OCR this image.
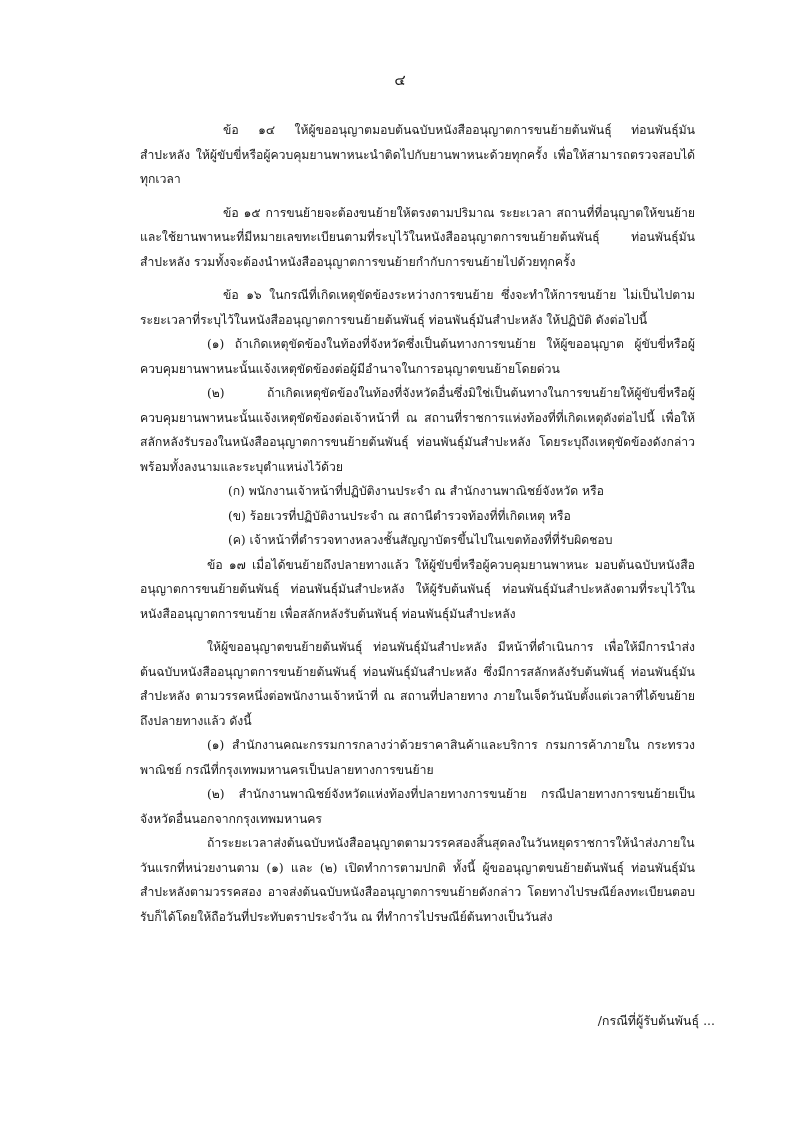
๔

ข้อ ๑๔ ให้ผู้ขออนุญาตมอบต้นฉบับหนังสืออนุญาตการขนย้ายต้นพันธุ์ ท่อนพันธุ์มันสำปะหลัง ให้ผู้ขับขี่หรือผู้ควบคุมยานพาหนะนำติดไปกับยานพาหนะด้วยทุกครั้ง เพื่อให้สามารถตรวจสอบได้ทุกเวลา

ข้อ ๑๕ การขนย้ายจะต้องขนย้ายให้ตรงตามปริมาณ ระยะเวลา สถานที่ที่อนุญาตให้ขนย้าย และใช้ยานพาหนะที่มีหมายเลขทะเบียนตามที่ระบุไว้ในหนังสืออนุญาตการขนย้ายต้นพันธุ์ ท่อนพันธุ์มันสำปะหลัง รวมทั้งจะต้องนำหนังสืออนุญาตการขนย้ายกำกับการขนย้ายไปด้วยทุกครั้ง

ข้อ ๑๖ ในกรณีที่เกิดเหตุขัดข้องระหว่างการขนย้าย ซึ่งจะทำให้การขนย้าย ไม่เป็นไปตามระยะเวลาที่ระบุไว้ในหนังสืออนุญาตการขนย้ายต้นพันธุ์ ท่อนพันธุ์มันสำปะหลัง ให้ปฏิบัติ ดังต่อไปนี้

(๑) ถ้าเกิดเหตุขัดข้องในท้องที่จังหวัดซึ่งเป็นต้นทางการขนย้าย ให้ผู้ขออนุญาต ผู้ขับขี่หรือผู้ควบคุมยานพาหนะนั้นแจ้งเหตุขัดข้องต่อผู้มีอำนาจในการอนุญาตขนย้ายโดยด่วน

(๒) ถ้าเกิดเหตุขัดข้องในท้องที่จังหวัดอื่นซึ่งมิใช่เป็นต้นทางในการขนย้ายให้ผู้ขับขี่หรือผู้ควบคุมยานพาหนะนั้นแจ้งเหตุขัดข้องต่อเจ้าหน้าที่ ณ สถานที่ราชการแห่งท้องที่ที่เกิดเหตุดังต่อไปนี้ เพื่อให้สลักหลังรับรองในหนังสืออนุญาตการขนย้ายต้นพันธุ์ ท่อนพันธุ์มันสำปะหลัง โดยระบุถึงเหตุขัดข้องดังกล่าว พร้อมทั้งลงนามและระบุตำแหน่งไว้ด้วย

(ก) พนักงานเจ้าหน้าที่ปฏิบัติงานประจำ ณ สำนักงานพาณิชย์จังหวัด หรือ

(ข) ร้อยเวรที่ปฏิบัติงานประจำ ณ สถานีตำรวจท้องที่ที่เกิดเหตุ หรือ

(ค) เจ้าหน้าที่ตำรวจทางหลวงชั้นสัญญาบัตรขึ้นไปในเขตท้องที่ที่รับผิดชอบ

ข้อ ๑๗ เมื่อได้ขนย้ายถึงปลายทางแล้ว ให้ผู้ขับขี่หรือผู้ควบคุมยานพาหนะ มอบต้นฉบับหนังสืออนุญาตการขนย้ายต้นพันธุ์ ท่อนพันธุ์มันสำปะหลัง ให้ผู้รับต้นพันธุ์ ท่อนพันธุ์มันสำปะหลังตามที่ระบุไว้ในหนังสืออนุญาตการขนย้าย เพื่อสลักหลังรับต้นพันธุ์ ท่อนพันธุ์มันสำปะหลัง

ให้ผู้ขออนุญาตขนย้ายต้นพันธุ์ ท่อนพันธุ์มันสำปะหลัง มีหน้าที่ดำเนินการ เพื่อให้มีการนำส่งต้นฉบับหนังสืออนุญาตการขนย้ายต้นพันธุ์ ท่อนพันธุ์มันสำปะหลัง ซึ่งมีการสลักหลังรับต้นพันธุ์ ท่อนพันธุ์มันสำปะหลัง ตามวรรคหนึ่งต่อพนักงานเจ้าหน้าที่ ณ สถานที่ปลายทาง ภายในเจ็ดวันนับตั้งแต่เวลาที่ได้ขนย้ายถึงปลายทางแล้ว ดังนี้

(๑) สำนักงานคณะกรรมการกลางว่าด้วยราคาสินค้าและบริการ กรมการค้าภายใน กระทรวงพาณิชย์ กรณีที่กรุงเทพมหานครเป็นปลายทางการขนย้าย

(๒) สำนักงานพาณิชย์จังหวัดแห่งท้องที่ปลายทางการขนย้าย กรณีปลายทางการขนย้ายเป็นจังหวัดอื่นนอกจากกรุงเทพมหานคร

ถ้าระยะเวลาส่งต้นฉบับหนังสืออนุญาตตามวรรคสองสิ้นสุดลงในวันหยุดราชการให้นำส่งภายในวันแรกที่หน่วยงานตาม (๑) และ (๒) เปิดทำการตามปกติ ทั้งนี้ ผู้ขออนุญาตขนย้ายต้นพันธุ์ ท่อนพันธุ์มันสำปะหลังตามวรรคสอง อาจส่งต้นฉบับหนังสืออนุญาตการขนย้ายดังกล่าว โดยทางไปรษณีย์ลงทะเบียนตอบรับก็ได้โดยให้ถือวันที่ประทับตราประจำวัน ณ ที่ทำการไปรษณีย์ต้นทางเป็นวันส่ง

/กรณีที่ผู้รับต้นพันธุ์ ...
